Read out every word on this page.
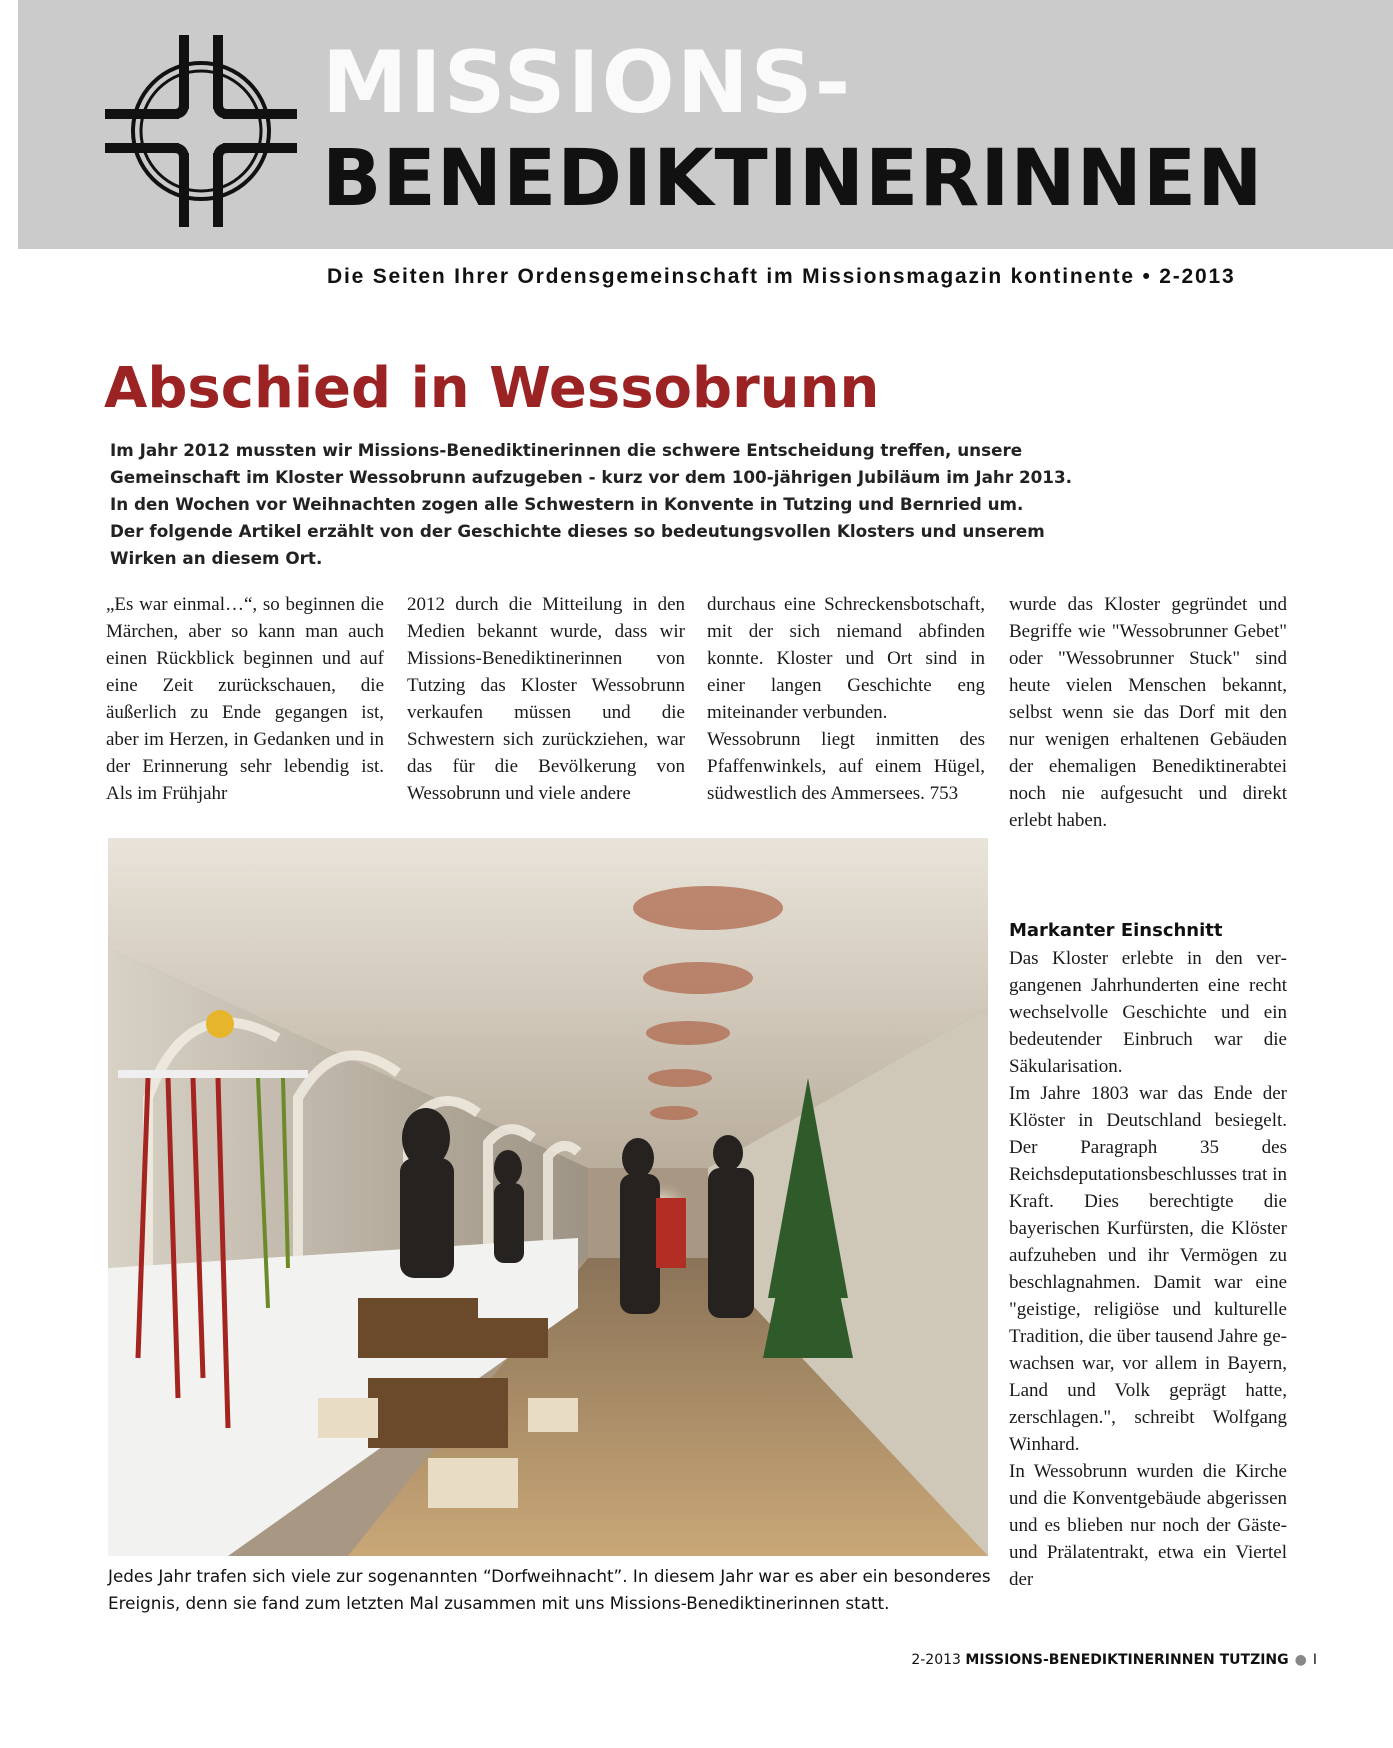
MISSIONS-
BENEDIKTINERINNEN

Die Seiten Ihrer Ordensgemeinschaft im Missionsmagazin kontinente • 2-2013

Abschied in Wessobrunn

Im Jahr 2012 mussten wir Missions-Benediktinerinnen die schwere Entscheidung treffen, unsere
Gemeinschaft im Kloster Wessobrunn aufzugeben - kurz vor dem 100-jährigen Jubiläum im Jahr 2013.
In den Wochen vor Weihnachten zogen alle Schwestern in Konvente in Tutzing und Bernried um.
Der folgende Artikel erzählt von der Geschichte dieses so bedeutungsvollen Klosters und unserem
Wirken an diesem Ort.

„Es war einmal…“, so beginnen die Märchen, aber so kann man auch einen Rückblick beginnen und auf eine Zeit zurückschauen, die äußerlich zu Ende gegangen ist, aber im Herzen, in Gedanken und in der Erinnerung sehr lebendig ist. Als im Frühjahr

2012 durch die Mitteilung in den Medien bekannt wurde, dass wir Missions-Benediktinerinnen von Tutzing das Kloster Wessobrunn verkaufen müssen und die Schwestern sich zurückziehen, war das für die Bevölkerung von Wessobrunn und viele andere

durchaus eine Schreckensbotschaft, mit der sich niemand abfinden konnte. Kloster und Ort sind in einer langen Geschichte eng miteinander verbunden.
Wessobrunn liegt inmitten des Pfaffenwinkels, auf einem Hügel, südwestlich des Ammersees. 753
wurde das Kloster gegründet und Begriffe wie "Wessobrunner Gebet" oder "Wessobrunner Stuck" sind heute vielen Menschen bekannt, selbst wenn sie das Dorf mit den nur wenigen erhaltenen Gebäuden der ehemaligen Benediktinerabtei noch nie aufgesucht und direkt erlebt haben.
Markanter Einschnitt
Das Kloster erlebte in den vergangenen Jahrhunderten eine recht wechselvolle Geschichte und ein bedeutender Einbruch war die Säkularisation.
Im Jahre 1803 war das Ende der Klöster in Deutschland besiegelt. Der Paragraph 35 des Reichsdeputationsbeschlusses trat in Kraft. Dies berechtigte die bayerischen Kurfürsten, die Klöster aufzuheben und ihr Vermögen zu beschlagnahmen. Damit war eine "geistige, religiöse und kulturelle Tradition, die über tausend Jahre gewachsen war, vor allem in Bayern, Land und Volk geprägt hatte, zerschlagen.", schreibt Wolfgang Winhard.
In Wessobrunn wurden die Kirche und die Konventgebäude abgerissen und es blieben nur noch der Gäste- und Prälatentrakt, etwa ein Viertel der

Jedes Jahr trafen sich viele zur sogenannten “Dorfweihnacht”. In diesem Jahr war es aber ein besonderes
Ereignis, denn sie fand zum letzten Mal zusammen mit uns Missions-Benediktinerinnen statt.

2-2013 MISSIONS-BENEDIKTINERINNEN TUTZING ● I
